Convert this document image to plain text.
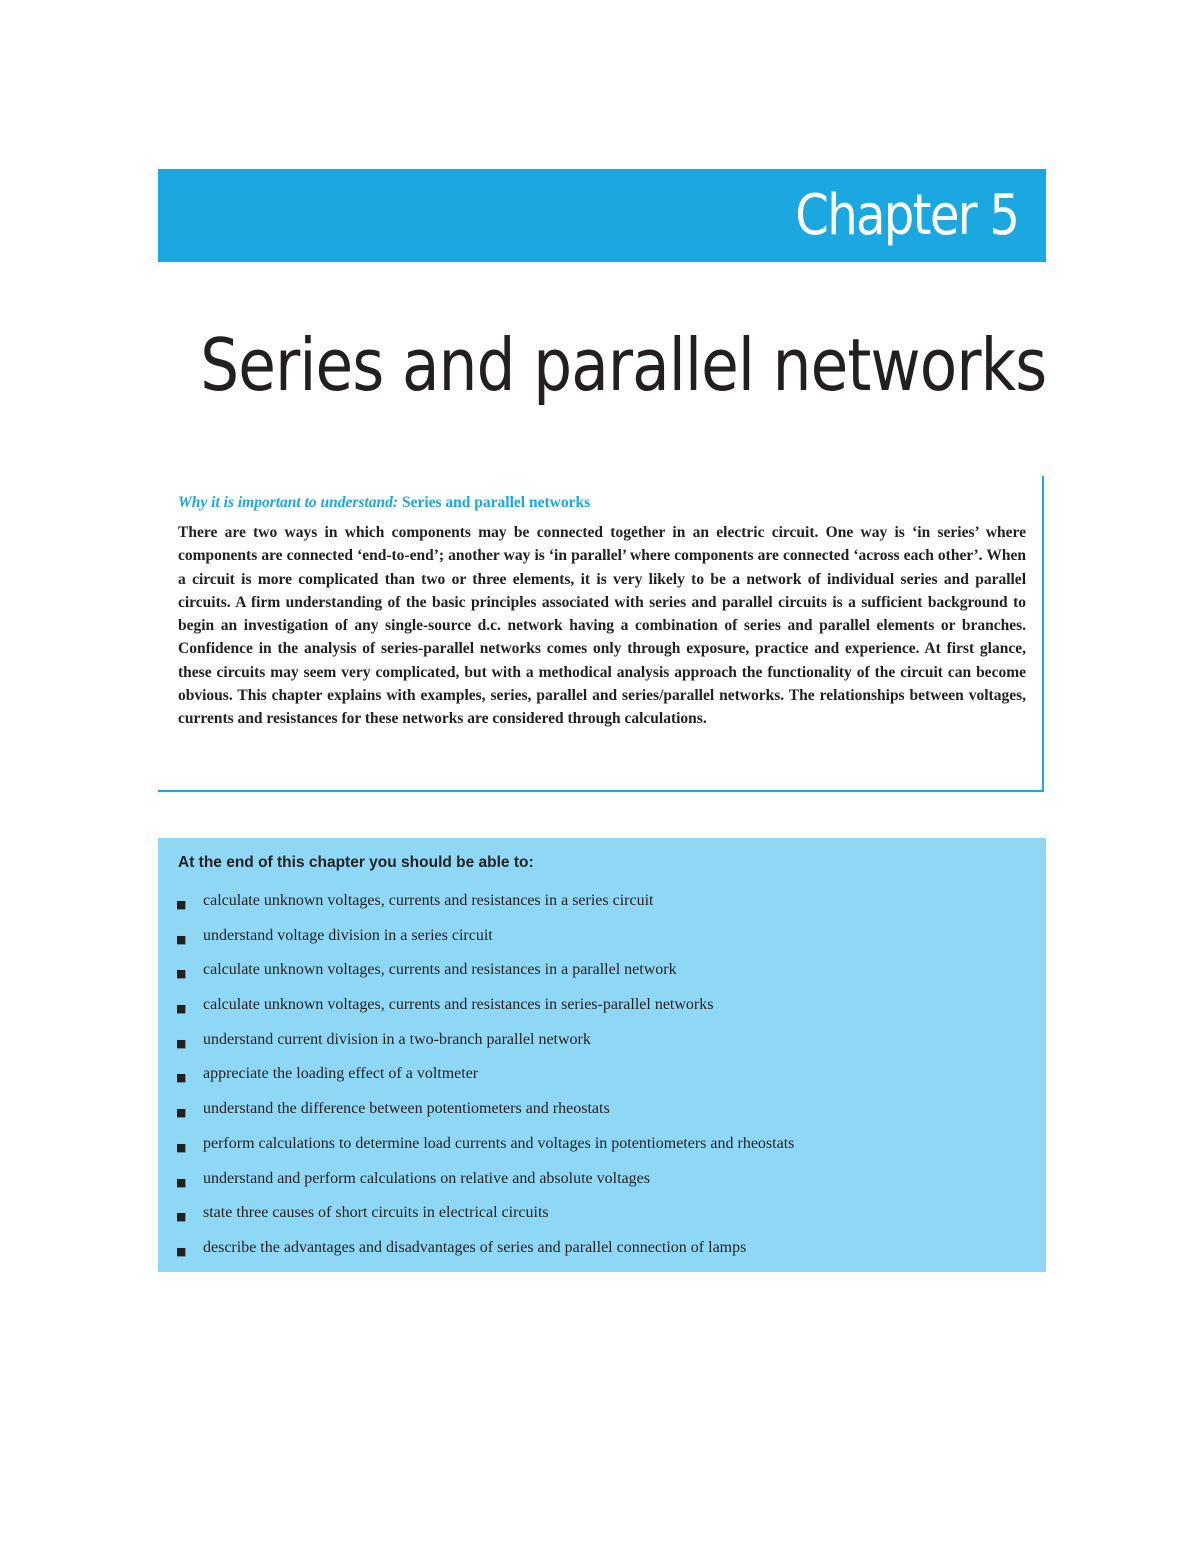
Chapter 5
Series and parallel networks
Why it is important to understand: Series and parallel networks

There are two ways in which components may be connected together in an electric circuit. One way is ‘in series’ where components are connected ‘end-to-end’; another way is ‘in parallel’ where components are connected ‘across each other’. When a circuit is more complicated than two or three elements, it is very likely to be a network of individual series and parallel circuits. A firm understanding of the basic principles associated with series and parallel circuits is a sufficient background to begin an investigation of any single-source d.c. network having a combination of series and parallel elements or branches. Confidence in the analysis of series-parallel networks comes only through exposure, practice and experience. At first glance, these circuits may seem very complicated, but with a methodical analysis approach the functionality of the circuit can become obvious. This chapter explains with examples, series, parallel and series/parallel networks. The relationships between voltages, currents and resistances for these networks are considered through calculations.

At the end of this chapter you should be able to:
■ calculate unknown voltages, currents and resistances in a series circuit
■ understand voltage division in a series circuit
■ calculate unknown voltages, currents and resistances in a parallel network
■ calculate unknown voltages, currents and resistances in series-parallel networks
■ understand current division in a two-branch parallel network
■ appreciate the loading effect of a voltmeter
■ understand the difference between potentiometers and rheostats
■ perform calculations to determine load currents and voltages in potentiometers and rheostats
■ understand and perform calculations on relative and absolute voltages
■ state three causes of short circuits in electrical circuits
■ describe the advantages and disadvantages of series and parallel connection of lamps
